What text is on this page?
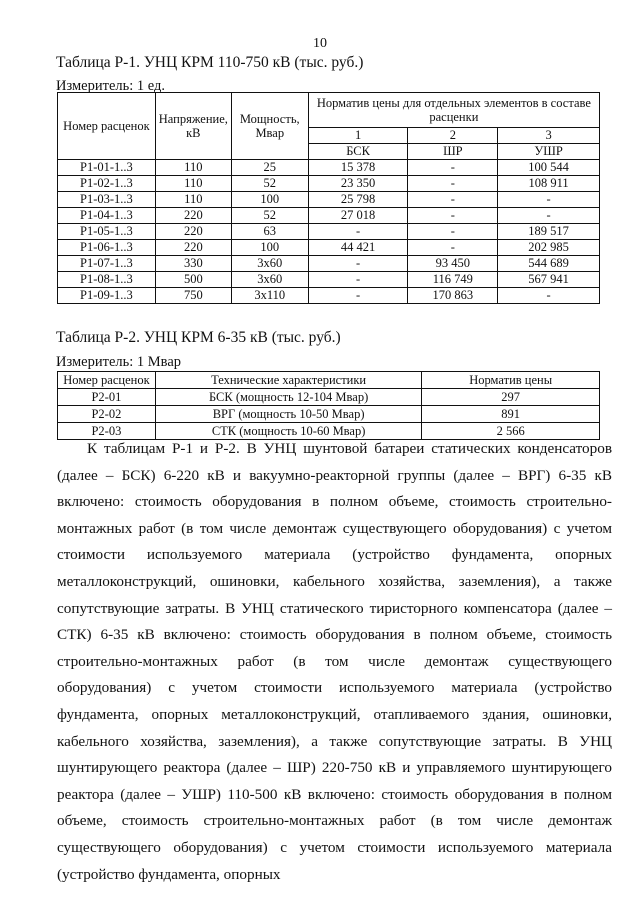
10
Таблица Р-1. УНЦ КРМ 110-750 кВ (тыс. руб.)
Измеритель: 1 ед.
Номер расценок	Напряжение, кВ	Мощность, Мвар	Норматив цены для отдельных элементов в составе расценки		
			1	2	3
			БСК	ШР	УШР
Р1-01-1..3	110	25	15 378	-	100 544
Р1-02-1..3	110	52	23 350	-	108 911
Р1-03-1..3	110	100	25 798	-	-
Р1-04-1..3	220	52	27 018	-	-
Р1-05-1..3	220	63	-	-	189 517
Р1-06-1..3	220	100	44 421	-	202 985
Р1-07-1..3	330	3х60	-	93 450	544 689
Р1-08-1..3	500	3х60	-	116 749	567 941
Р1-09-1..3	750	3х110	-	170 863	-
Таблица Р-2. УНЦ КРМ 6-35 кВ (тыс. руб.)
Измеритель: 1 Мвар
Номер расценок	Технические характеристики	Норматив цены
Р2-01	БСК (мощность 12-104 Мвар)	297
Р2-02	ВРГ (мощность 10-50 Мвар)	891
Р2-03	СТК (мощность 10-60 Мвар)	2 566

К таблицам Р-1 и Р-2. В УНЦ шунтовой батареи статических конденсаторов (далее – БСК) 6-220 кВ и вакуумно-реакторной группы (далее – ВРГ) 6-35 кВ включено: стоимость оборудования в полном объеме, стоимость строительно-монтажных работ (в том числе демонтаж существующего оборудования) с учетом стоимости используемого материала (устройство фундамента, опорных металлоконструкций, ошиновки, кабельного хозяйства, заземления), а также сопутствующие затраты. В УНЦ статического тиристорного компенсатора (далее – СТК) 6-35 кВ включено: стоимость оборудования в полном объеме, стоимость строительно-монтажных работ (в том числе демонтаж существующего оборудования) с учетом стоимости используемого материала (устройство фундамента, опорных металлоконструкций, отапливаемого здания, ошиновки, кабельного хозяйства, заземления), а также сопутствующие затраты. В УНЦ шунтирующего реактора (далее – ШР) 220-750 кВ и управляемого шунтирующего реактора (далее – УШР) 110-500 кВ включено: стоимость оборудования в полном объеме, стоимость строительно-монтажных работ (в том числе демонтаж существующего оборудования) с учетом стоимости используемого материала (устройство фундамента, опорных
